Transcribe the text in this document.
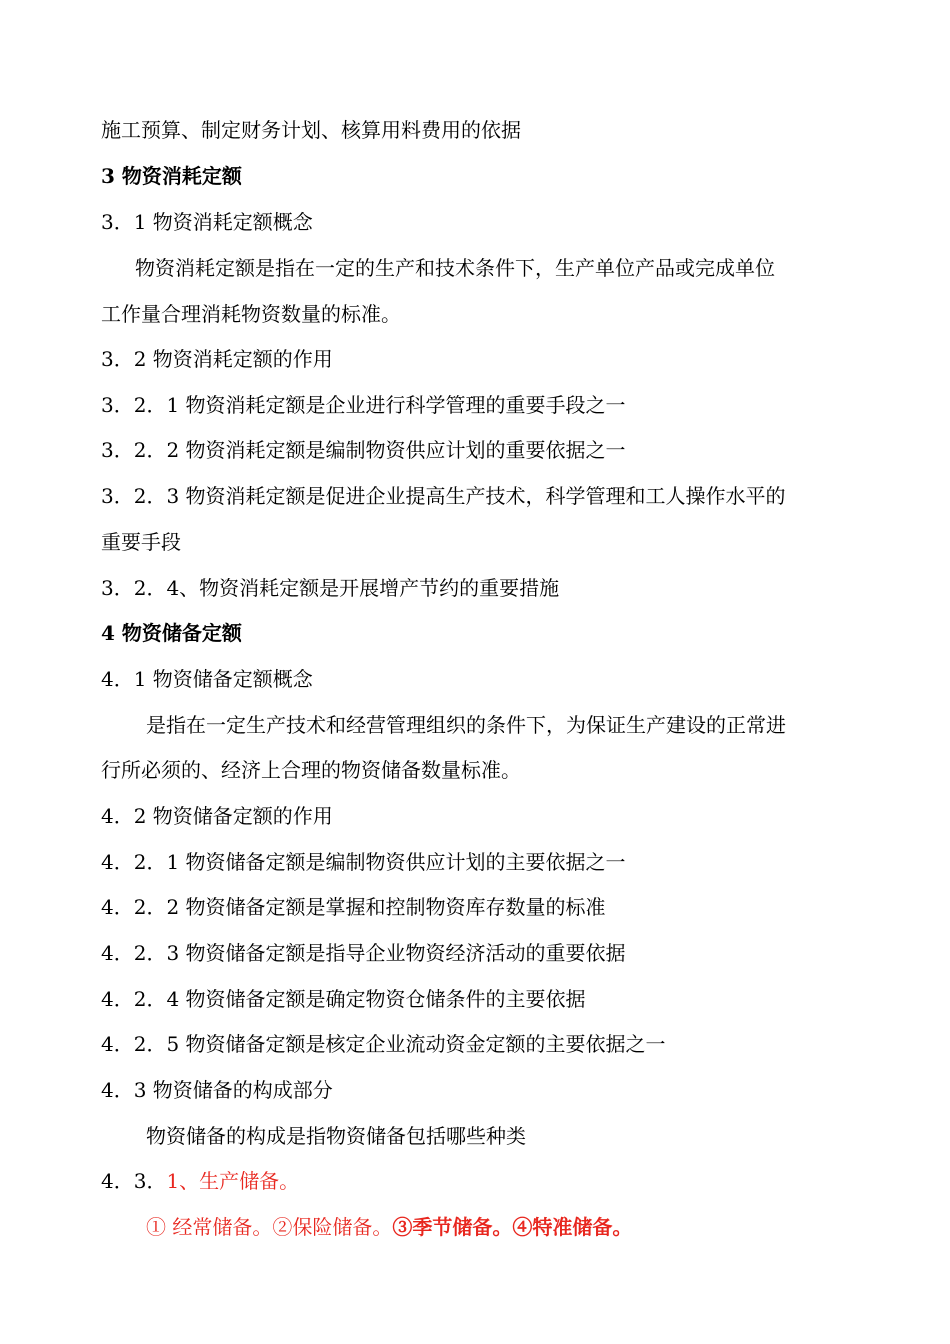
施工预算、制定财务计划、核算用料费用的依据
3 物资消耗定额
3．1 物资消耗定额概念
物资消耗定额是指在一定的生产和技术条件下，生产单位产品或完成单位
工作量合理消耗物资数量的标准。
3．2 物资消耗定额的作用
3．2．1 物资消耗定额是企业进行科学管理的重要手段之一
3．2．2 物资消耗定额是编制物资供应计划的重要依据之一
3．2．3 物资消耗定额是促进企业提高生产技术，科学管理和工人操作水平的
重要手段
3．2．4、物资消耗定额是开展增产节约的重要措施
4 物资储备定额
4．1 物资储备定额概念
是指在一定生产技术和经营管理组织的条件下，为保证生产建设的正常进
行所必须的、经济上合理的物资储备数量标准。
4．2 物资储备定额的作用
4．2．1 物资储备定额是编制物资供应计划的主要依据之一
4．2．2 物资储备定额是掌握和控制物资库存数量的标准
4．2．3 物资储备定额是指导企业物资经济活动的重要依据
4．2．4 物资储备定额是确定物资仓储条件的主要依据
4．2．5 物资储备定额是核定企业流动资金定额的主要依据之一
4．3 物资储备的构成部分
物资储备的构成是指物资储备包括哪些种类
4．3．1、生产储备。
① 经常储备。②保险储备。③季节储备。④特准储备。
